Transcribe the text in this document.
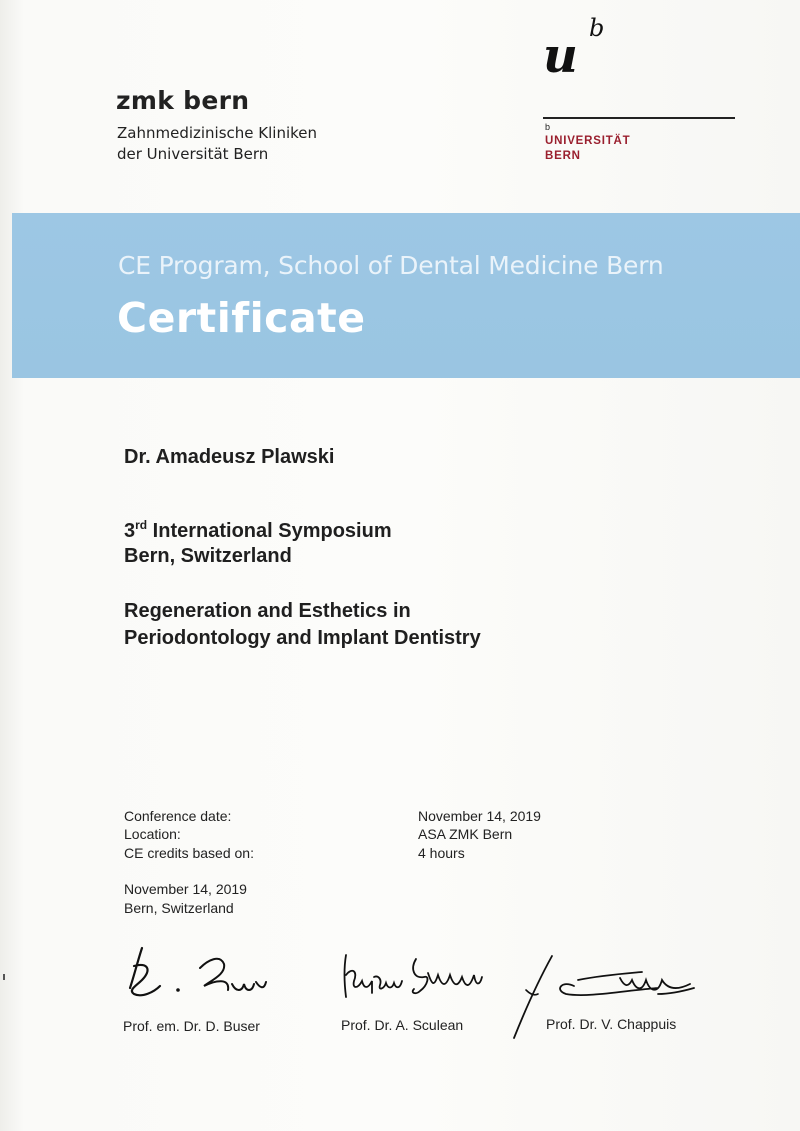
zmk bern
Zahnmedizinische Kliniken
der Universität Bern
u b
b
UNIVERSITÄT
BERN
CE Program, School of Dental Medicine Bern
Certificate
Dr. Amadeusz Plawski
3rd International Symposium
Bern, Switzerland
Regeneration and Esthetics in
Periodontology and Implant Dentistry
Conference date:
Location:
CE credits based on:
November 14, 2019
ASA ZMK Bern
4 hours
November 14, 2019
Bern, Switzerland
Prof. em. Dr. D. Buser	Prof. Dr. A. Sculean	Prof. Dr. V. Chappuis
